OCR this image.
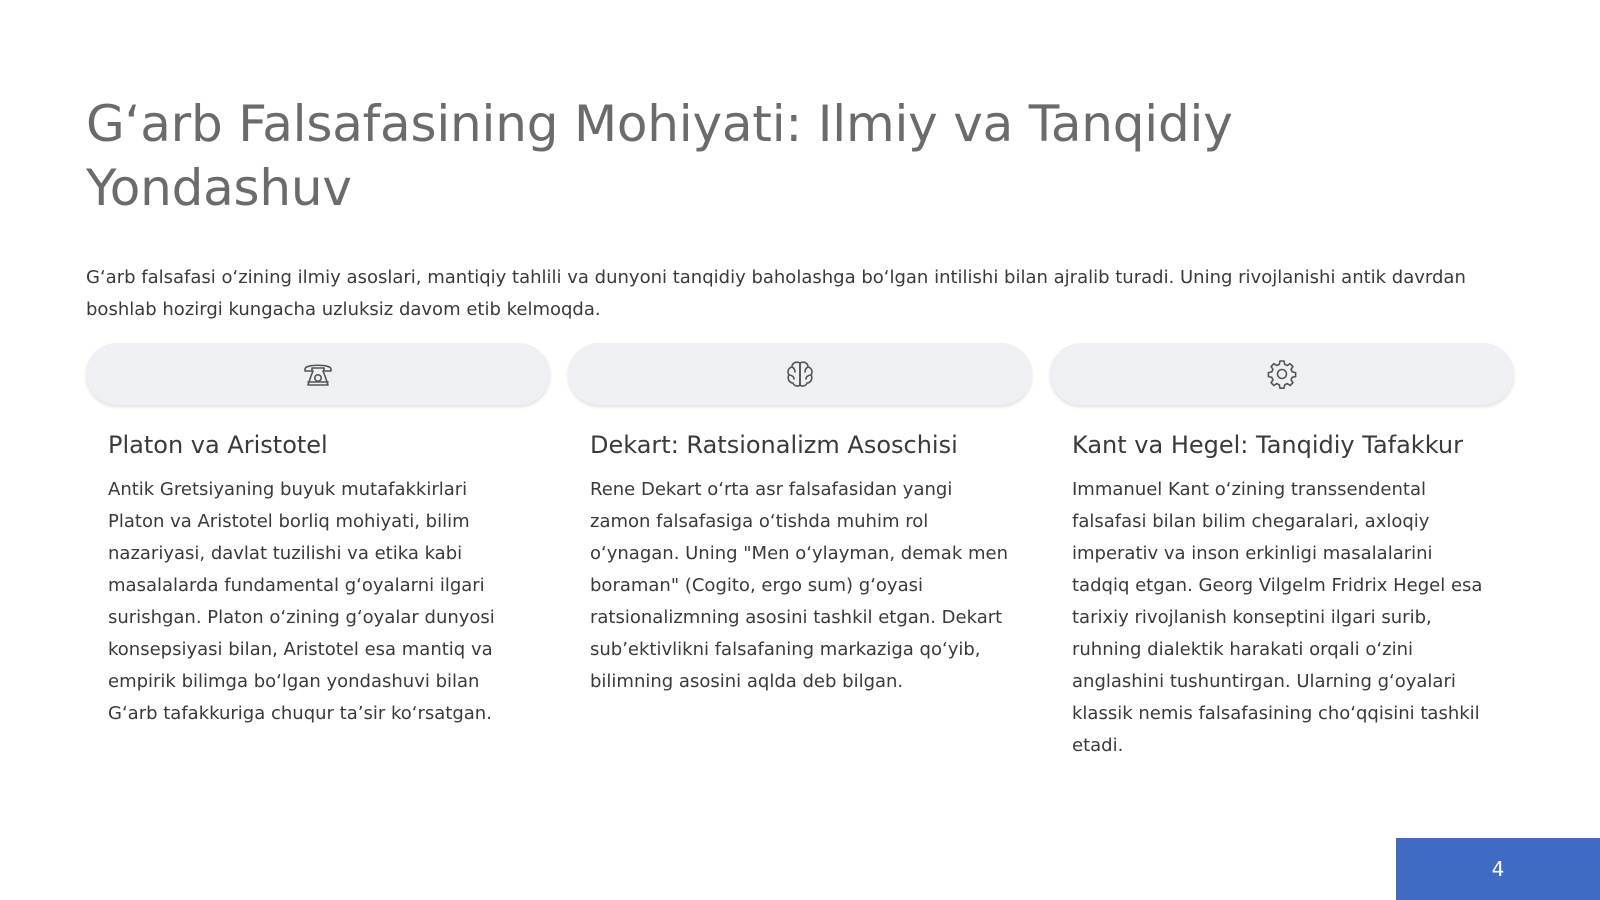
G‘arb Falsafasining Mohiyati: Ilmiy va Tanqidiy Yondashuv

G‘arb falsafasi o‘zining ilmiy asoslari, mantiqiy tahlili va dunyoni tanqidiy baholashga bo‘lgan intilishi bilan ajralib turadi. Uning rivojlanishi antik davrdan boshlab hozirgi kungacha uzluksiz davom etib kelmoqda.

Platon va Aristotel

Antik Gretsiyaning buyuk mutafakkirlari Platon va Aristotel borliq mohiyati, bilim nazariyasi, davlat tuzilishi va etika kabi masalalarda fundamental g‘oyalarni ilgari surishgan. Platon o‘zining g‘oyalar dunyosi konsepsiyasi bilan, Aristotel esa mantiq va empirik bilimga bo‘lgan yondashuvi bilan G‘arb tafakkuriga chuqur ta’sir ko‘rsatgan.

Dekart: Ratsionalizm Asoschisi

Rene Dekart o‘rta asr falsafasidan yangi zamon falsafasiga o‘tishda muhim rol o‘ynagan. Uning "Men o‘ylayman, demak men boraman" (Cogito, ergo sum) g‘oyasi ratsionalizmning asosini tashkil etgan. Dekart sub’ektivlikni falsafaning markaziga qo‘yib, bilimning asosini aqlda deb bilgan.

Kant va Hegel: Tanqidiy Tafakkur

Immanuel Kant o‘zining transsendental falsafasi bilan bilim chegaralari, axloqiy imperativ va inson erkinligi masalalarini tadqiq etgan. Georg Vilgelm Fridrix Hegel esa tarixiy rivojlanish konseptini ilgari surib, ruhning dialektik harakati orqali o‘zini anglashini tushuntirgan. Ularning g‘oyalari klassik nemis falsafasining cho‘qqisini tashkil etadi.

4
